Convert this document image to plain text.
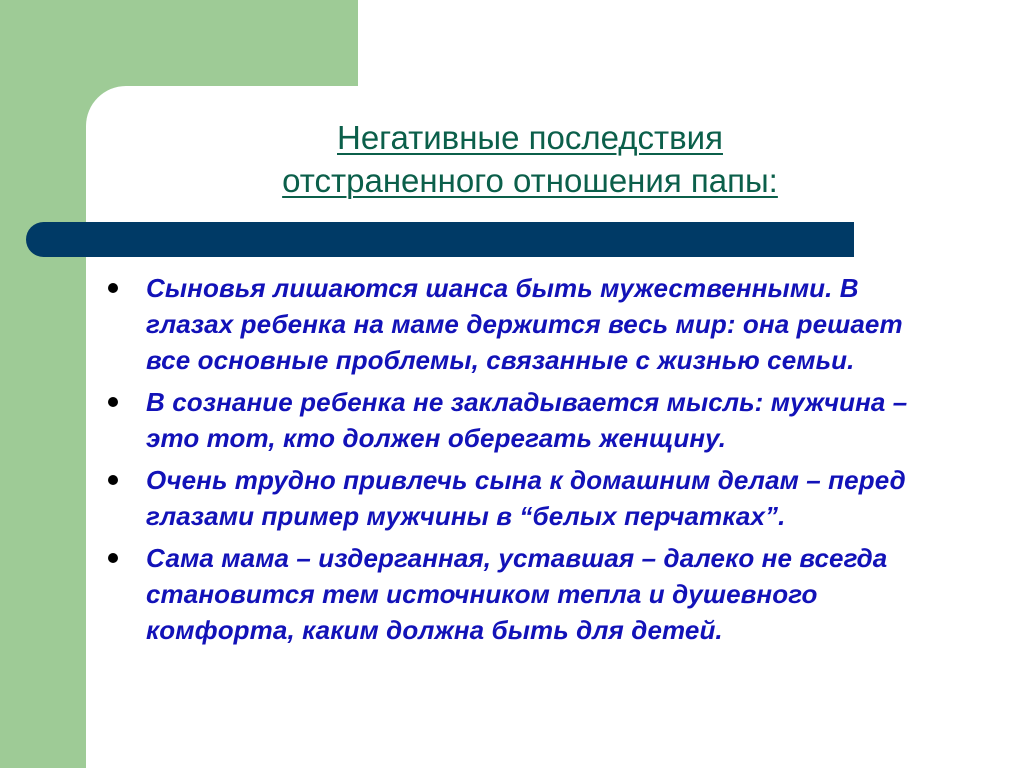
Негативные последствия
отстраненного отношения папы:
Сыновья лишаются шанса быть мужественными. В глазах ребенка на маме держится весь мир: она решает все основные проблемы, связанные с жизнью семьи.
В сознание ребенка не закладывается мысль: мужчина – это тот, кто должен оберегать женщину.
Очень трудно привлечь сына к домашним делам – перед глазами пример мужчины в “белых перчатках”.
Сама мама – издерганная, уставшая – далеко не всегда становится тем источником тепла и душевного комфорта, каким должна быть для детей.
